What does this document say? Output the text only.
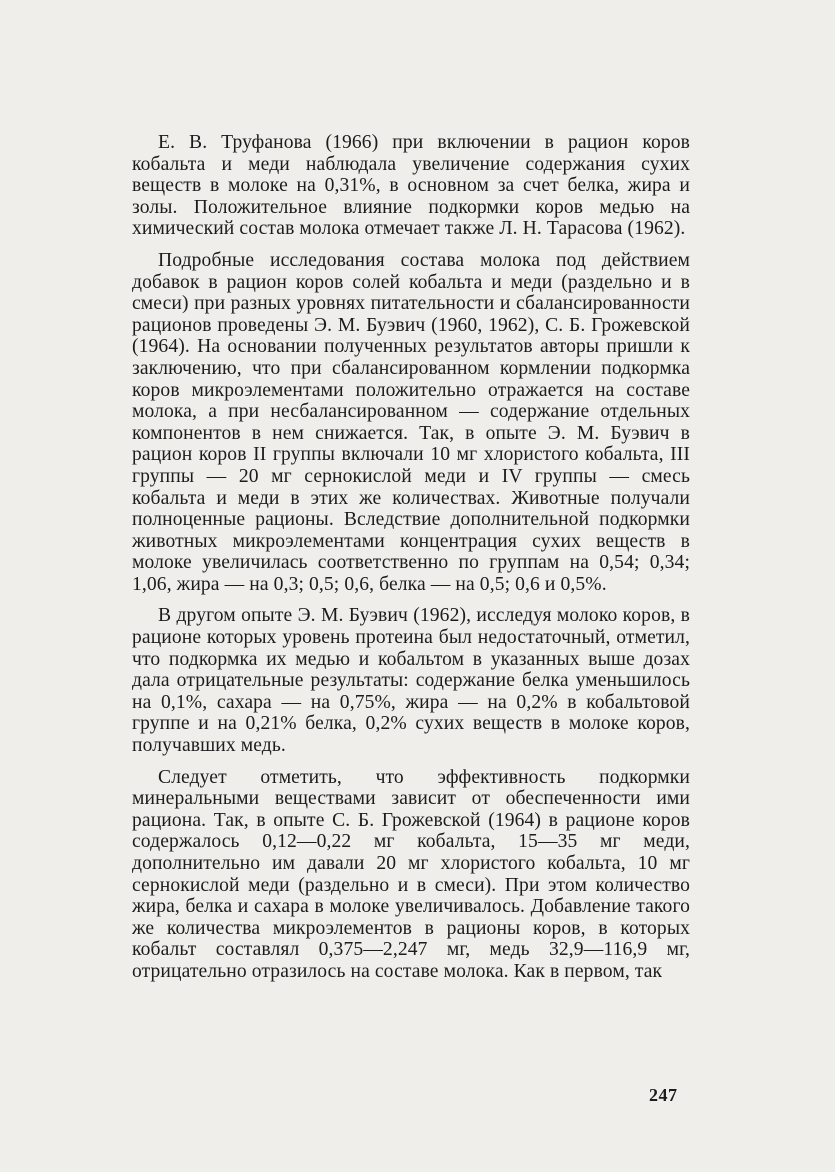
Е. В. Труфанова (1966) при включении в рацион коров кобальта и меди наблюдала увеличение содержания сухих веществ в молоке на 0,31%, в основном за счет белка, жира и золы. Положительное влияние подкормки коров медью на химический состав молока отмечает также Л. Н. Тарасова (1962).

Подробные исследования состава молока под действием добавок в рацион коров солей кобальта и меди (раздельно и в смеси) при разных уровнях питательности и сбалансированности рационов проведены Э. М. Буэвич (1960, 1962), С. Б. Грожевской (1964). На основании полученных результатов авторы пришли к заключению, что при сбалансированном кормлении подкормка коров микроэлементами положительно отражается на составе молока, а при несбалансированном — содержание отдельных компонентов в нем снижается. Так, в опыте Э. М. Буэвич в рацион коров II группы включали 10 мг хлористого кобальта, III группы — 20 мг сернокислой меди и IV группы — смесь кобальта и меди в этих же количествах. Животные получали полноценные рационы. Вследствие дополнительной подкормки животных микроэлементами концентрация сухих веществ в молоке увеличилась соответственно по группам на 0,54; 0,34; 1,06, жира — на 0,3; 0,5; 0,6, белка — на 0,5; 0,6 и 0,5%.

В другом опыте Э. М. Буэвич (1962), исследуя молоко коров, в рационе которых уровень протеина был недостаточный, отметил, что подкормка их медью и кобальтом в указанных выше дозах дала отрицательные результаты: содержание белка уменьшилось на 0,1%, сахара — на 0,75%, жира — на 0,2% в кобальтовой группе и на 0,21% белка, 0,2% сухих веществ в молоке коров, получавших медь.

Следует отметить, что эффективность подкормки минеральными веществами зависит от обеспеченности ими рациона. Так, в опыте С. Б. Грожевской (1964) в рационе коров содержалось 0,12—0,22 мг кобальта, 15—35 мг меди, дополнительно им давали 20 мг хлористого кобальта, 10 мг сернокислой меди (раздельно и в смеси). При этом количество жира, белка и сахара в молоке увеличивалось. Добавление такого же количества микроэлементов в рационы коров, в которых кобальт составлял 0,375—2,247 мг, медь 32,9—116,9 мг, отрицательно отразилось на составе молока. Как в первом, так

247
